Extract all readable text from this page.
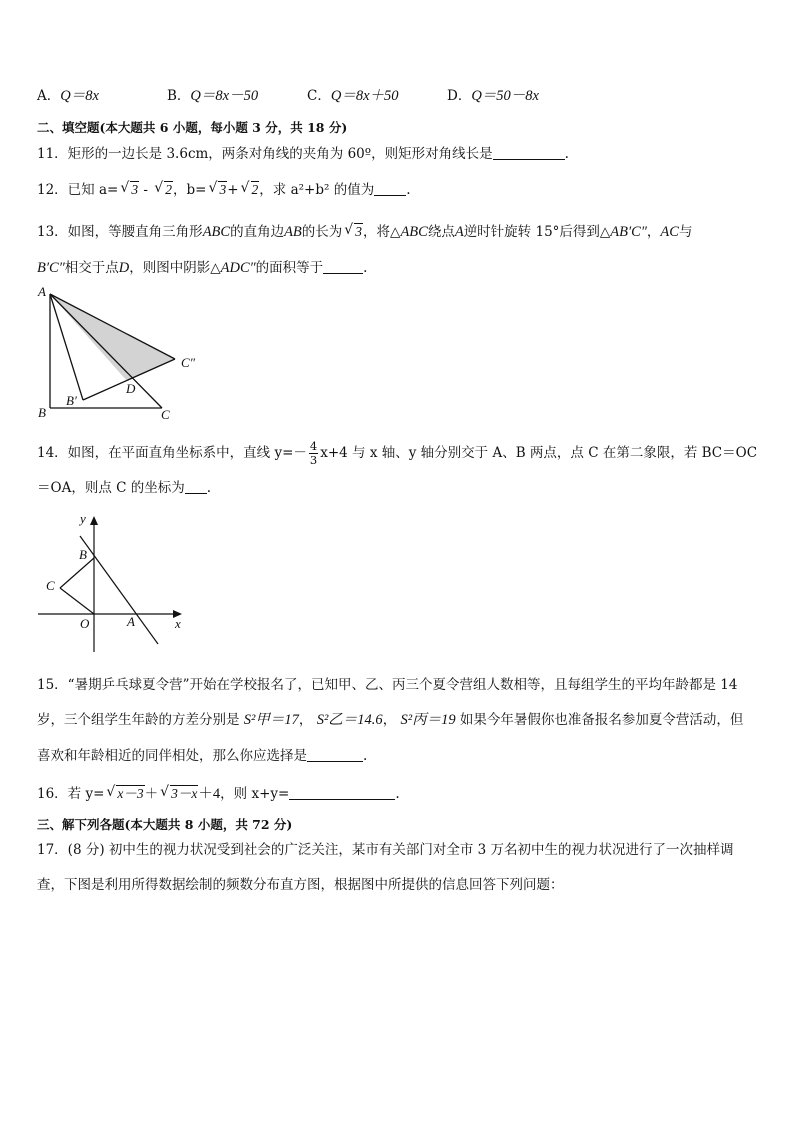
A．Q＝8x	B．Q＝8x－50	C．Q＝8x＋50	D．Q＝50－8x
二、填空题(本大题共 6 小题，每小题 3 分，共 18 分)
11．矩形的一边长是 3.6cm，两条对角线的夹角为 60º，则矩形对角线长是	.
12．已知 a= √ 3 - √ 2，b= √ 3+ √ 2，求 a²+b² 的值为 .
13．如图，等腰直角三角形ABC的直角边AB的长为 √ 3，将△ABC绕点A逆时针旋转 15°后得到△AB′C″，AC与
B′C″相交于点D，则图中阴影△ADC″的面积等于	.
A
B	C
B′
C″
D
14．如图，在平面直角坐标系中，直线 $y=- \frac{4}{3} x+4$ 与 x 轴、y 轴分别交于 A、B 两点，点 C 在第二象限，若 BC＝OC
＝OA，则点 C 的坐标为 .
y
x
B
C
O	A
15．“暑期乒乓球夏令营”开始在学校报名了，已知甲、乙、丙三个夏令营组人数相等，且每组学生的平均年龄都是 14
岁，三个组学生年龄的方差分别是 S²甲＝17， S²乙＝14.6， S²丙＝19 如果今年暑假你也准备报名参加夏令营活动，但
喜欢和年龄相近的同伴相处，那么你应选择是	.
16．若 y= √ x－3＋ √ 3－x＋4，则 x+y=	.
三、解下列各题(本大题共 8 小题，共 72 分)
17．(8 分) 初中生的视力状况受到社会的广泛关注，某市有关部门对全市 3 万名初中生的视力状况进行了一次抽样调
查，下图是利用所得数据绘制的频数分布直方图，根据图中所提供的信息回答下列问题：
